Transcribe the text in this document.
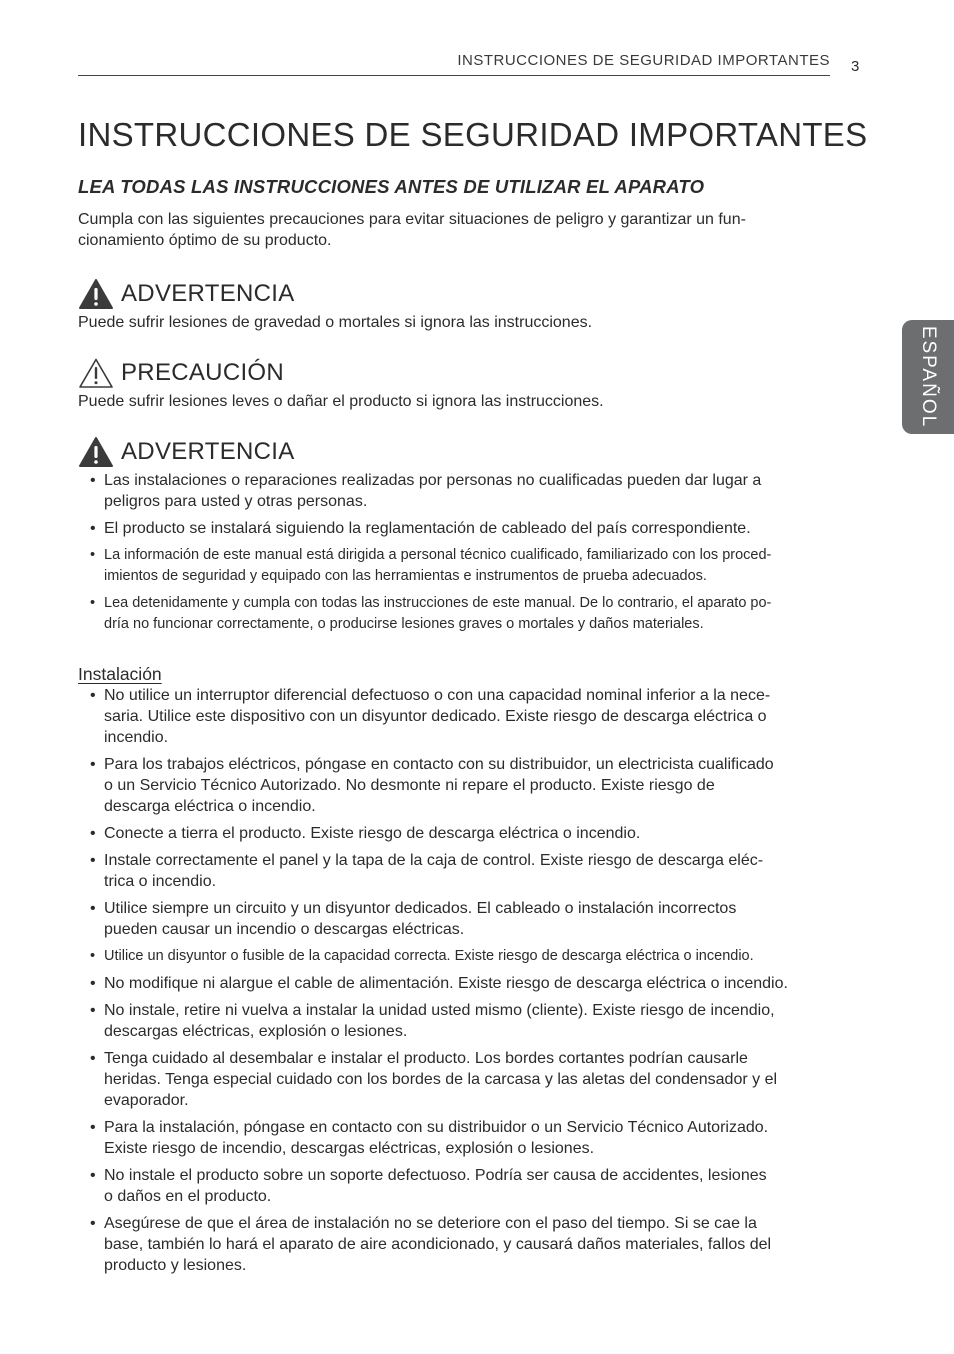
INSTRUCCIONES DE SEGURIDAD IMPORTANTES 3
ESPAÑOL
INSTRUCCIONES DE SEGURIDAD IMPORTANTES
LEA TODAS LAS INSTRUCCIONES ANTES DE UTILIZAR EL APARATO

Cumpla con las siguientes precauciones para evitar situaciones de peligro y garantizar un fun-
cionamiento óptimo de su producto.

ADVERTENCIA

Puede sufrir lesiones de gravedad o mortales si ignora las instrucciones.

PRECAUCIÓN

Puede sufrir lesiones leves o dañar el producto si ignora las instrucciones.

ADVERTENCIA
• Las instalaciones o reparaciones realizadas por personas no cualificadas pueden dar lugar a
peligros para usted y otras personas.
• El producto se instalará siguiendo la reglamentación de cableado del país correspondiente.
• La información de este manual está dirigida a personal técnico cualificado, familiarizado con los proced-
imientos de seguridad y equipado con las herramientas e instrumentos de prueba adecuados.
• Lea detenidamente y cumpla con todas las instrucciones de este manual. De lo contrario, el aparato po-
dría no funcionar correctamente, o producirse lesiones graves o mortales y daños materiales.
Instalación
• No utilice un interruptor diferencial defectuoso o con una capacidad nominal inferior a la nece-
saria. Utilice este dispositivo con un disyuntor dedicado. Existe riesgo de descarga eléctrica o
incendio.
• Para los trabajos eléctricos, póngase en contacto con su distribuidor, un electricista cualificado
o un Servicio Técnico Autorizado. No desmonte ni repare el producto. Existe riesgo de
descarga eléctrica o incendio.
• Conecte a tierra el producto. Existe riesgo de descarga eléctrica o incendio.
• Instale correctamente el panel y la tapa de la caja de control. Existe riesgo de descarga eléc-
trica o incendio.
• Utilice siempre un circuito y un disyuntor dedicados. El cableado o instalación incorrectos
pueden causar un incendio o descargas eléctricas.
• Utilice un disyuntor o fusible de la capacidad correcta. Existe riesgo de descarga eléctrica o incendio.
• No modifique ni alargue el cable de alimentación. Existe riesgo de descarga eléctrica o incendio.
• No instale, retire ni vuelva a instalar la unidad usted mismo (cliente). Existe riesgo de incendio,
descargas eléctricas, explosión o lesiones.
• Tenga cuidado al desembalar e instalar el producto. Los bordes cortantes podrían causarle
heridas. Tenga especial cuidado con los bordes de la carcasa y las aletas del condensador y el
evaporador.
• Para la instalación, póngase en contacto con su distribuidor o un Servicio Técnico Autorizado.
Existe riesgo de incendio, descargas eléctricas, explosión o lesiones.
• No instale el producto sobre un soporte defectuoso. Podría ser causa de accidentes, lesiones
o daños en el producto.
• Asegúrese de que el área de instalación no se deteriore con el paso del tiempo. Si se cae la
base, también lo hará el aparato de aire acondicionado, y causará daños materiales, fallos del
producto y lesiones.
